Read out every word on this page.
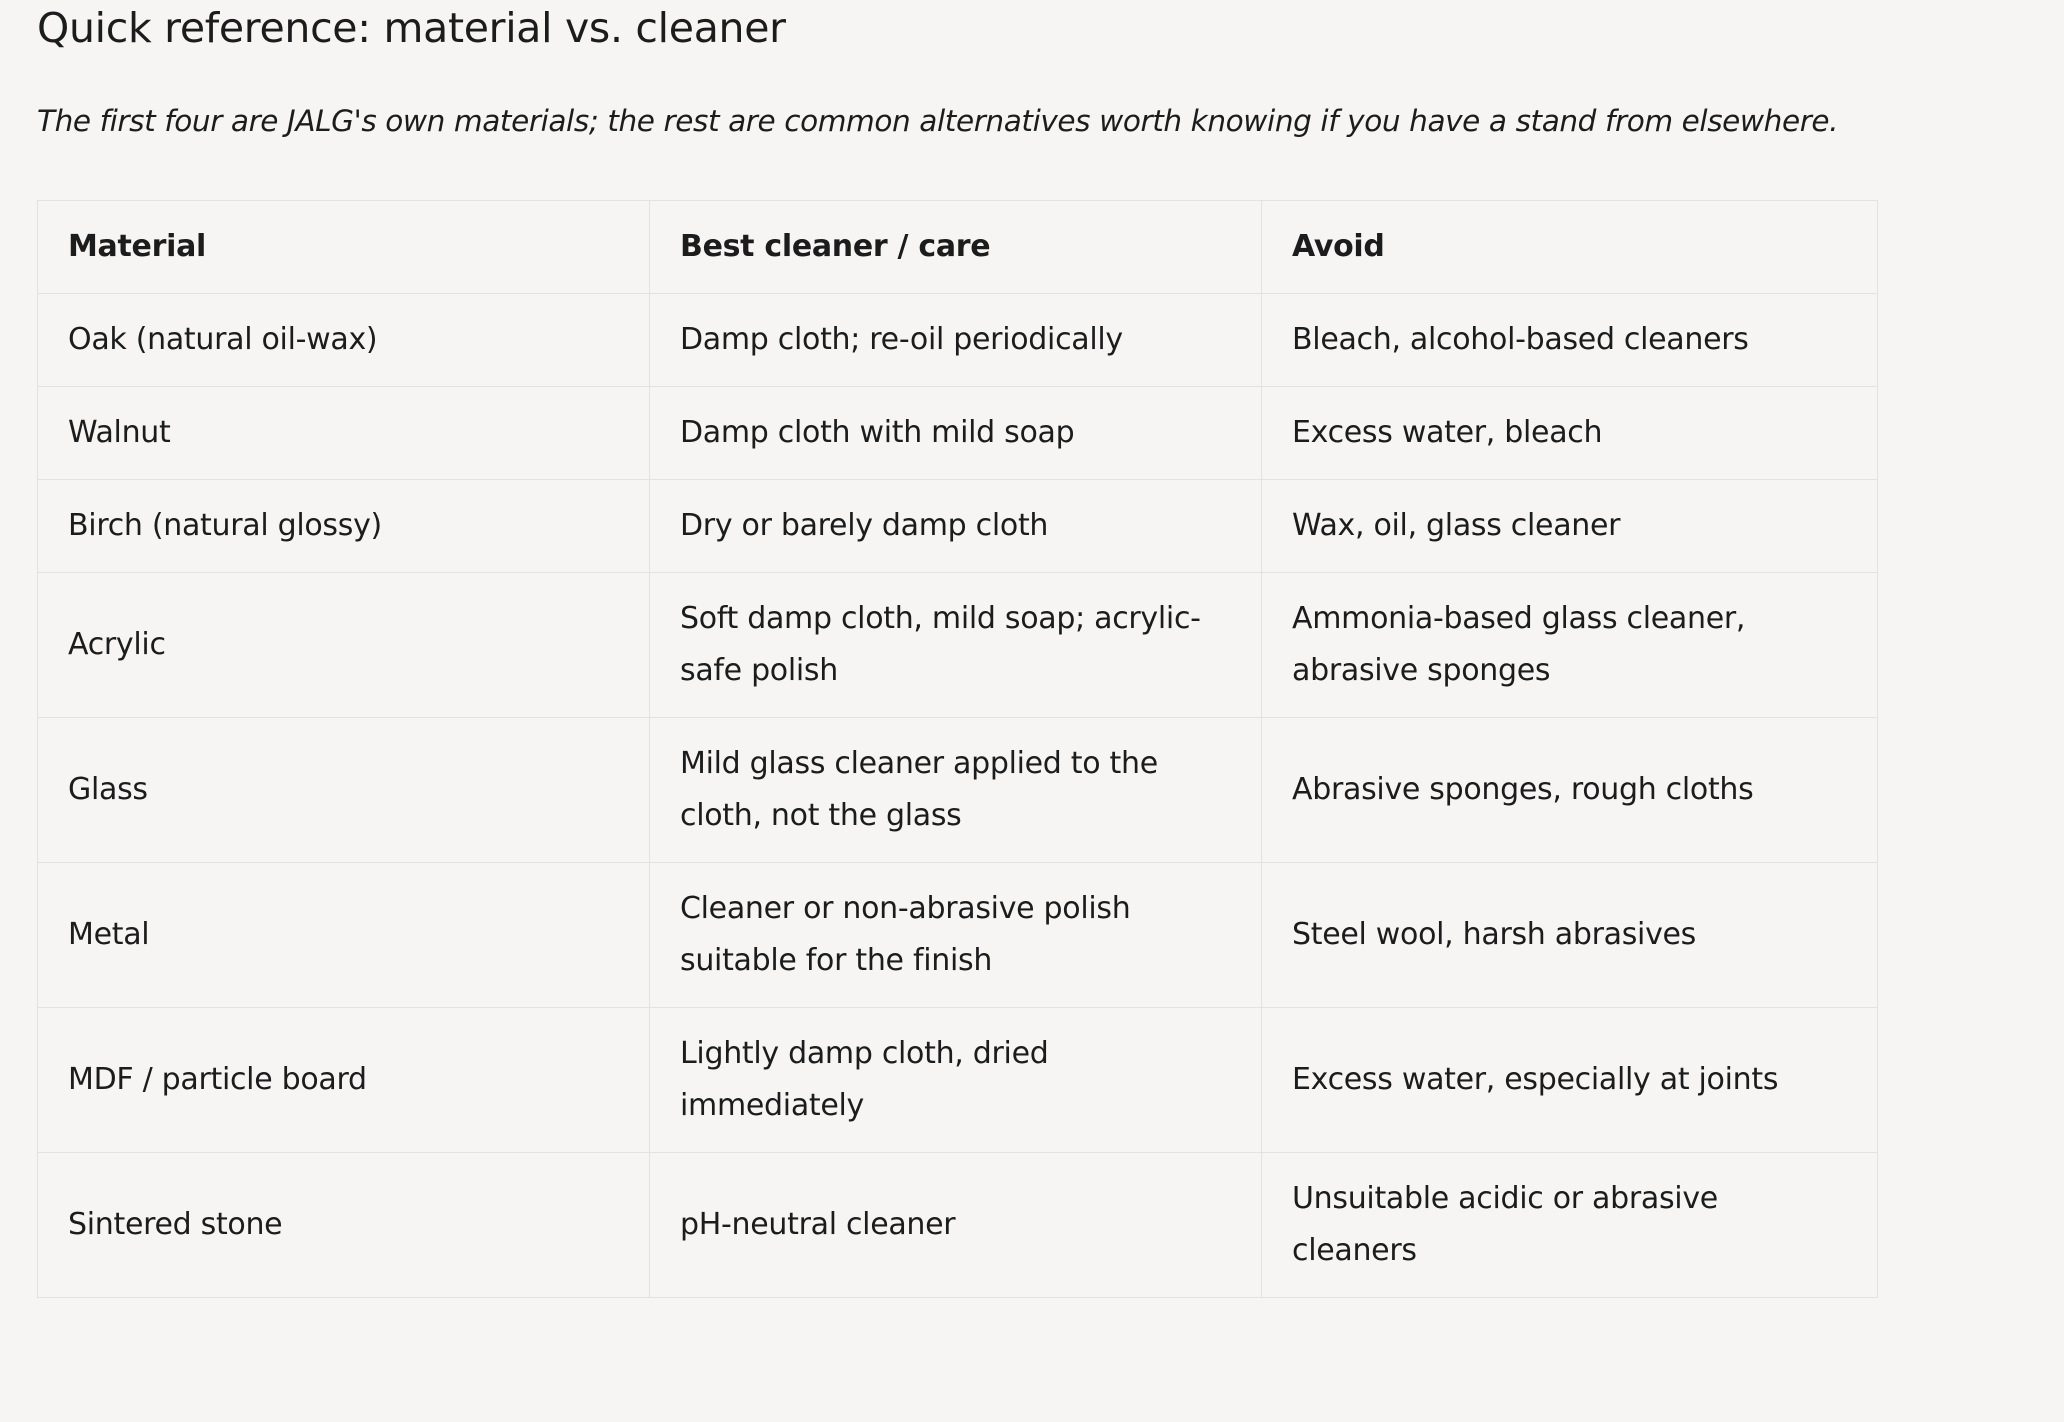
Quick reference: material vs. cleaner

The first four are JALG's own materials; the rest are common alternatives worth knowing if you have a stand from elsewhere.

Material	Best cleaner / care	Avoid
Oak (natural oil-wax)	Damp cloth; re-oil periodically	Bleach, alcohol-based cleaners
Walnut	Damp cloth with mild soap	Excess water, bleach
Birch (natural glossy)	Dry or barely damp cloth	Wax, oil, glass cleaner
Acrylic	Soft damp cloth, mild soap; acrylic-safe polish	Ammonia-based glass cleaner, abrasive sponges
Glass	Mild glass cleaner applied to the cloth, not the glass	Abrasive sponges, rough cloths
Metal	Cleaner or non-abrasive polish suitable for the finish	Steel wool, harsh abrasives
MDF / particle board	Lightly damp cloth, dried immediately	Excess water, especially at joints
Sintered stone	pH-neutral cleaner	Unsuitable acidic or abrasive cleaners
